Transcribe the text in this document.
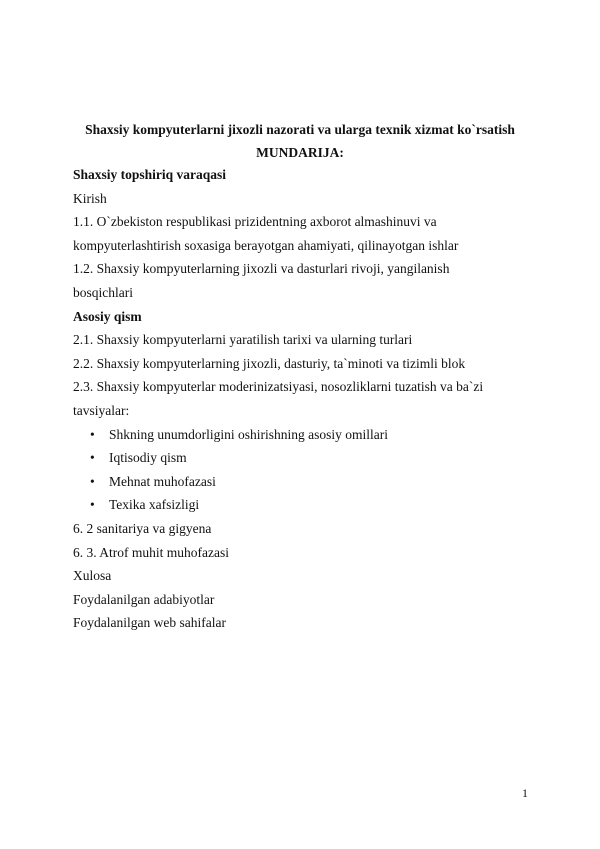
Shaxsiy kompyuterlarni jixozli nazorati va ularga texnik xizmat ko`rsatish
MUNDARIJA:
Shaxsiy topshiriq varaqasi
Kirish
1.1. O`zbekiston respublikasi prizidentning axborot almashinuvi va
kompyuterlashtirish soxasiga berayotgan ahamiyati, qilinayotgan ishlar
1.2. Shaxsiy kompyuterlarning jixozli va dasturlari rivoji, yangilanish
bosqichlari
Asosiy qism
2.1. Shaxsiy kompyuterlarni yaratilish tarixi va ularning turlari
2.2. Shaxsiy kompyuterlarning jixozli, dasturiy, ta`minoti va tizimli blok
2.3. Shaxsiy kompyuterlar moderinizatsiyasi, nosozliklarni tuzatish va ba`zi
tavsiyalar:
• Shkning unumdorligini oshirishning asosiy omillari
• Iqtisodiy qism
• Mehnat muhofazasi
• Texika xafsizligi
6. 2 sanitariya va gigyena
6. 3. Atrof muhit muhofazasi
Xulosa
Foydalanilgan adabiyotlar
Foydalanilgan web sahifalar
1
